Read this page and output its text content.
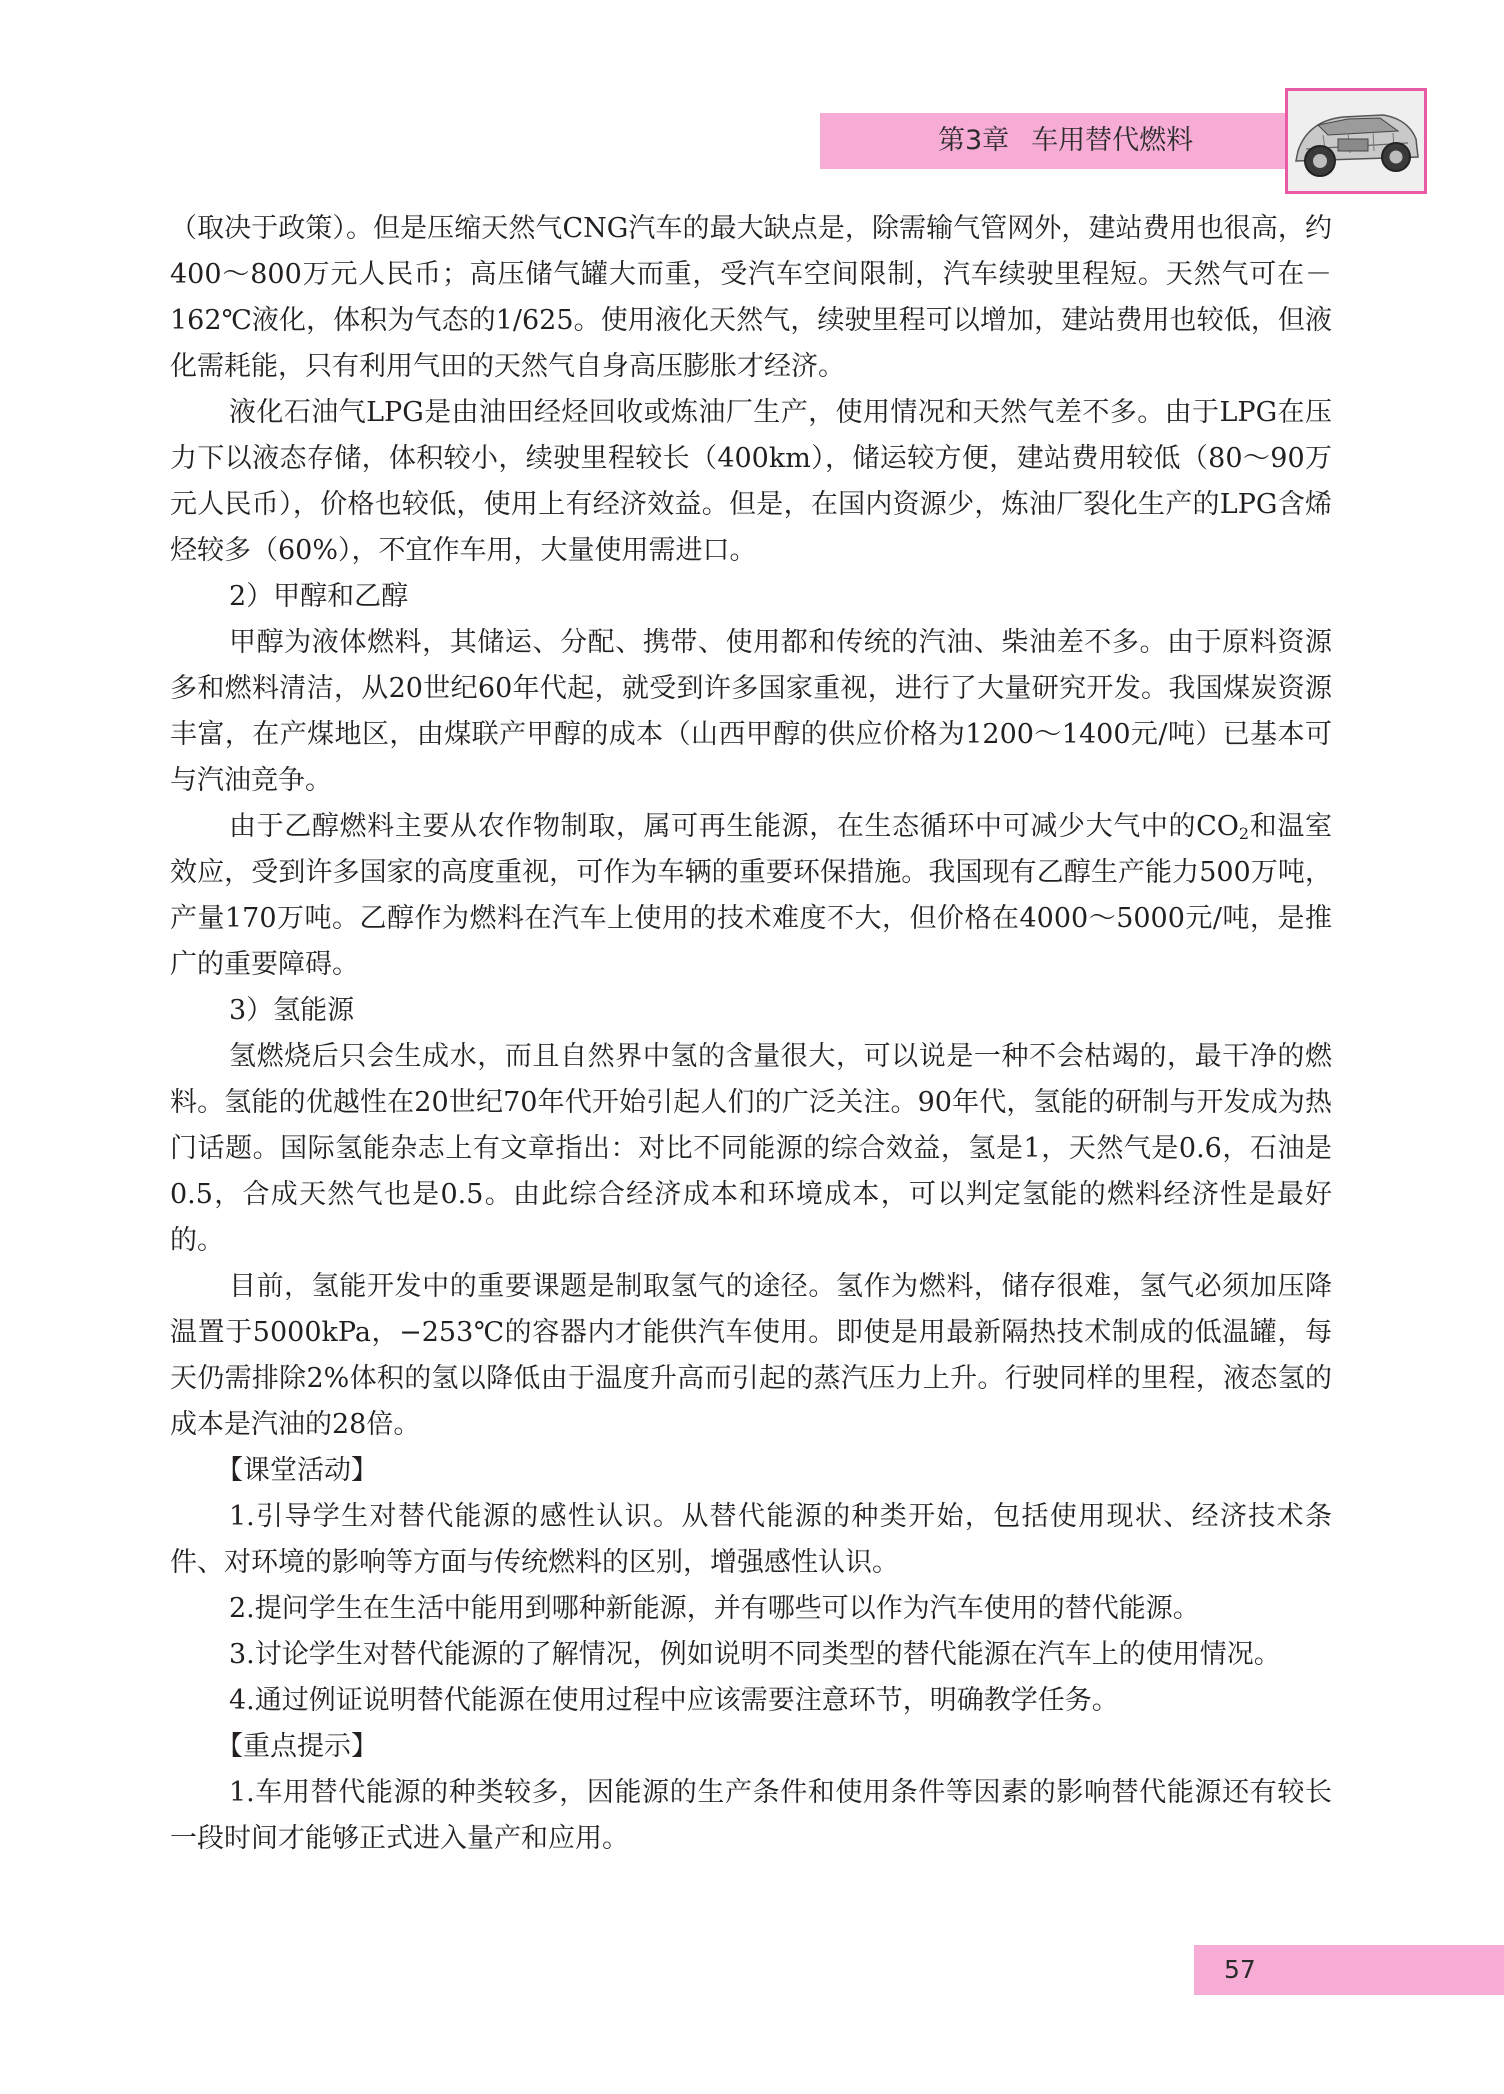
第3章 车用替代燃料

（取决于政策）。但是压缩天然气CNG汽车的最大缺点是，除需输气管网外，建站费用也很高，约400～800万元人民币；高压储气罐大而重，受汽车空间限制，汽车续驶里程短。天然气可在－162℃液化，体积为气态的1/625。使用液化天然气，续驶里程可以增加，建站费用也较低，但液化需耗能，只有利用气田的天然气自身高压膨胀才经济。

液化石油气LPG是由油田经烃回收或炼油厂生产，使用情况和天然气差不多。由于LPG在压力下以液态存储，体积较小，续驶里程较长（400km），储运较方便，建站费用较低（80～90万元人民币），价格也较低，使用上有经济效益。但是，在国内资源少，炼油厂裂化生产的LPG含烯烃较多（60%），不宜作车用，大量使用需进口。

2）甲醇和乙醇

甲醇为液体燃料，其储运、分配、携带、使用都和传统的汽油、柴油差不多。由于原料资源多和燃料清洁，从20世纪60年代起，就受到许多国家重视，进行了大量研究开发。我国煤炭资源丰富，在产煤地区，由煤联产甲醇的成本（山西甲醇的供应价格为1200～1400元/吨）已基本可与汽油竞争。

由于乙醇燃料主要从农作物制取，属可再生能源，在生态循环中可减少大气中的$CO_2$和温室效应，受到许多国家的高度重视，可作为车辆的重要环保措施。我国现有乙醇生产能力500万吨，产量170万吨。乙醇作为燃料在汽车上使用的技术难度不大，但价格在4000～5000元/吨，是推广的重要障碍。

3）氢能源

氢燃烧后只会生成水，而且自然界中氢的含量很大，可以说是一种不会枯竭的，最干净的燃料。氢能的优越性在20世纪70年代开始引起人们的广泛关注。90年代，氢能的研制与开发成为热门话题。国际氢能杂志上有文章指出：对比不同能源的综合效益，氢是1，天然气是0.6，石油是0.5，合成天然气也是0.5。由此综合经济成本和环境成本，可以判定氢能的燃料经济性是最好的。

目前，氢能开发中的重要课题是制取氢气的途径。氢作为燃料，储存很难，氢气必须加压降温置于5000kPa，−253℃的容器内才能供汽车使用。即使是用最新隔热技术制成的低温罐，每天仍需排除2%体积的氢以降低由于温度升高而引起的蒸汽压力上升。行驶同样的里程，液态氢的成本是汽油的28倍。

【课堂活动】

1.引导学生对替代能源的感性认识。从替代能源的种类开始，包括使用现状、经济技术条件、对环境的影响等方面与传统燃料的区别，增强感性认识。

2.提问学生在生活中能用到哪种新能源，并有哪些可以作为汽车使用的替代能源。

3.讨论学生对替代能源的了解情况，例如说明不同类型的替代能源在汽车上的使用情况。

4.通过例证说明替代能源在使用过程中应该需要注意环节，明确教学任务。

【重点提示】

1.车用替代能源的种类较多，因能源的生产条件和使用条件等因素的影响替代能源还有较长一段时间才能够正式进入量产和应用。

57
